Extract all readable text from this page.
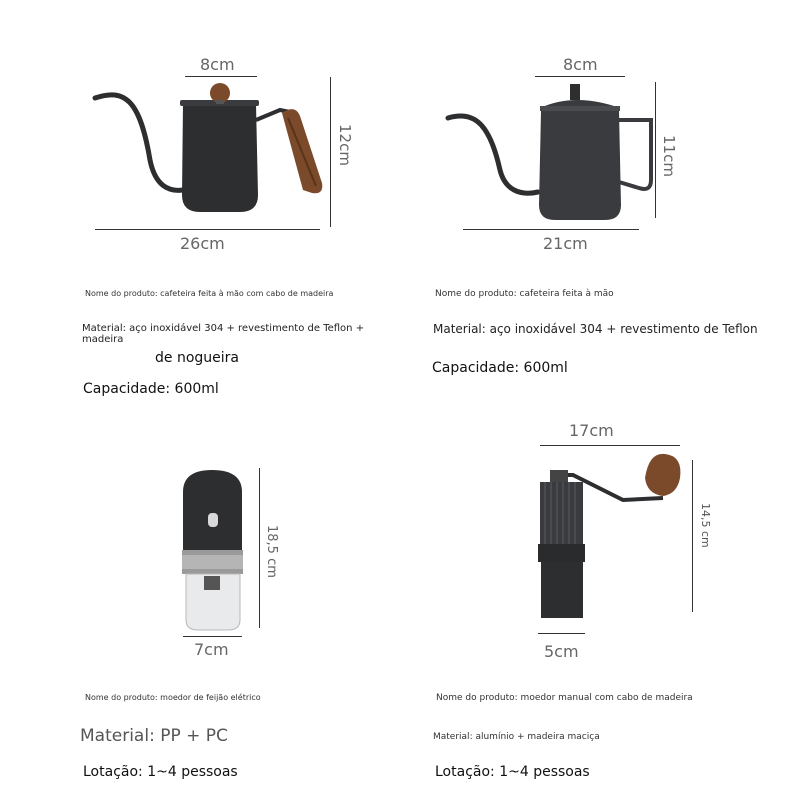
8cm
12cm
26cm
Nome do produto: cafeteira feita à mão com cabo de madeira
Material: aço inoxidável 304 + revestimento de Teflon + madeira
de nogueira
Capacidade: 600ml
8cm
11cm
21cm
Nome do produto: cafeteira feita à mão
Material: aço inoxidável 304 + revestimento de Teflon
Capacidade: 600ml
18,5 cm
7cm
Nome do produto: moedor de feijão elétrico
Material: PP + PC
Lotação: 1~4 pessoas
17cm
14,5 cm
5cm
Nome do produto: moedor manual com cabo de madeira
Material: alumínio + madeira maciça
Lotação: 1~4 pessoas
